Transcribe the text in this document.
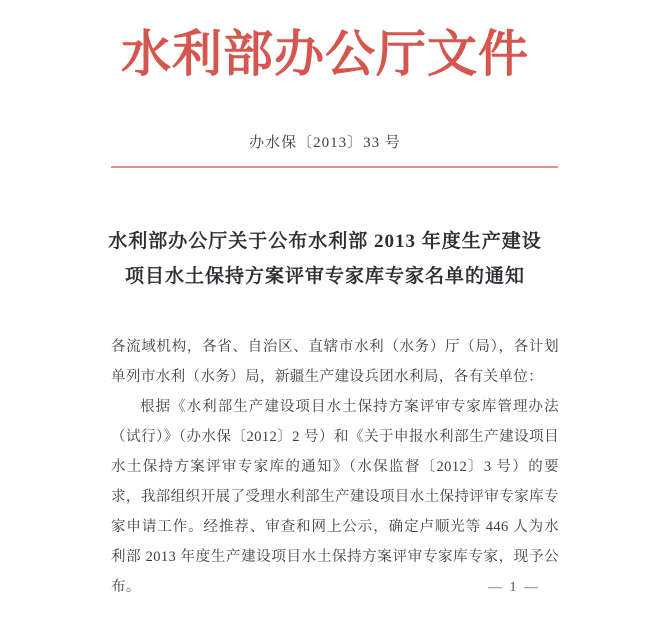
水利部办公厅文件
办水保〔2013〕33 号
水利部办公厅关于公布水利部 2013 年度生产建设
项目水土保持方案评审专家库专家名单的通知

各流域机构，各省、自治区、直辖市水利（水务）厅（局），各计划单列市水利（水务）局，新疆生产建设兵团水利局，各有关单位：

根据《水利部生产建设项目水土保持方案评审专家库管理办法（试行）》（办水保〔2012〕2 号）和《关于申报水利部生产建设项目水土保持方案评审专家库的通知》（水保监督〔2012〕3 号）的要求，我部组织开展了受理水利部生产建设项目水土保持评审专家库专家申请工作。经推荐、审查和网上公示，确定卢顺光等 446 人为水利部 2013 年度生产建设项目水土保持方案评审专家库专家，现予公布。	— 1 —
